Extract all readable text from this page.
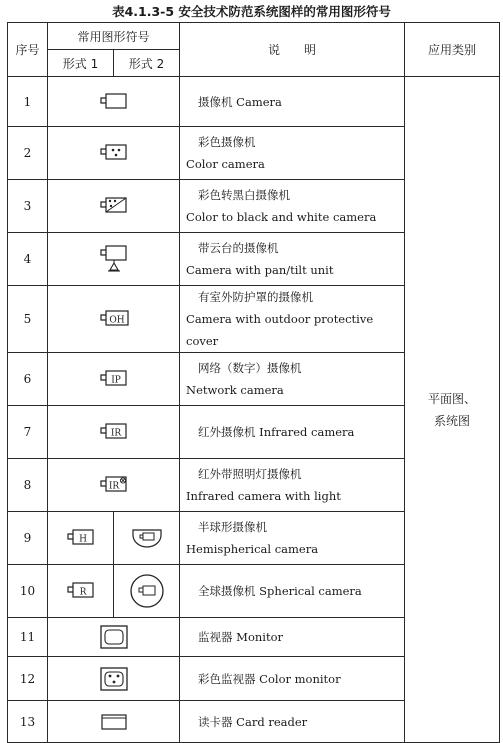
表4.1.3-5 安全技术防范系统图样的常用图形符号
序号	常用图形符号		说　　明	应用类别
	形式 1	形式 2		
1			摄像机 Camera	平面图、系统图
2			彩色摄像机
Color camera	

3			彩色转黑白摄像机
Color to black and white camera	

4			带云台的摄像机
Camera with pan/tilt unit	

5	OH		有室外防护罩的摄像机
Camera with outdoor protective cover	

6	IP		网络（数字）摄像机
Network camera	

7	IR		红外摄像机 Infrared camera	

8	IR		红外带照明灯摄像机
Infrared camera with light	

9	H		半球形摄像机
Hemispherical camera	

10	R		全球摄像机 Spherical camera	

11			监视器 Monitor	

12			彩色监视器 Color monitor	

13			读卡器 Card reader	
